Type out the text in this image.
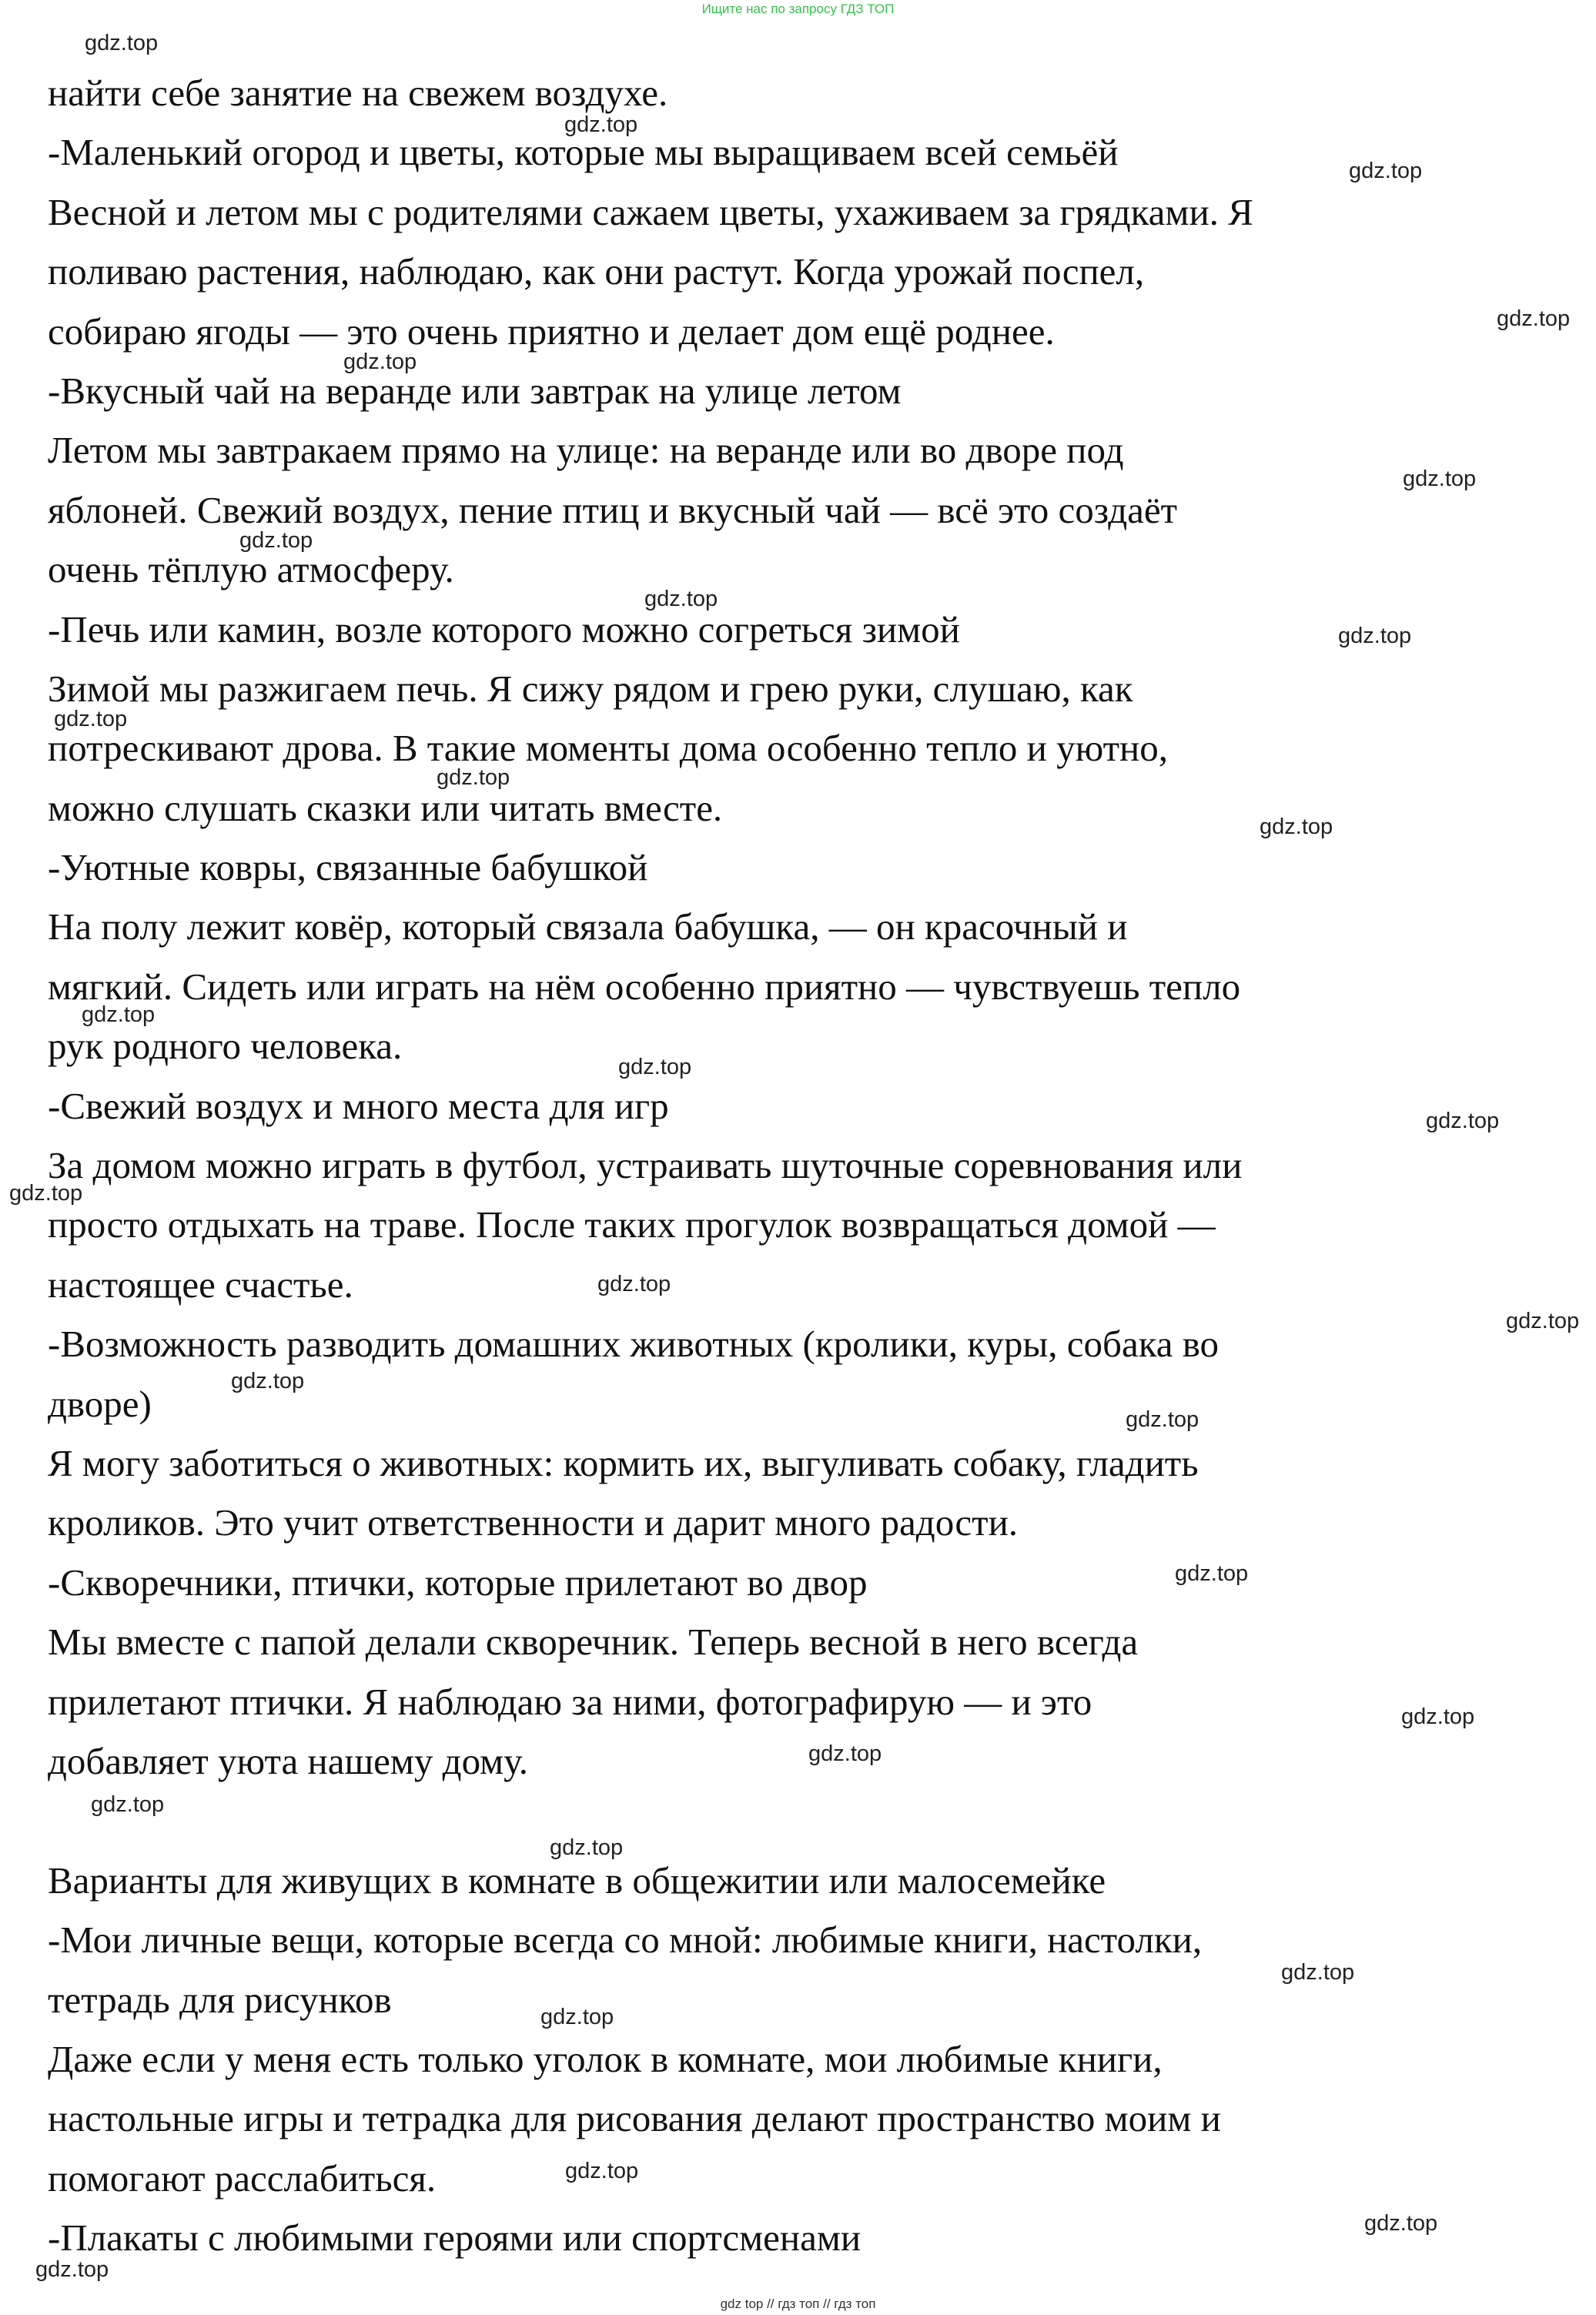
Ищите нас по запросу ГДЗ ТОП
найти себе занятие на свежем воздухе.
-Маленький огород и цветы, которые мы выращиваем всей семьёй
Весной и летом мы с родителями сажаем цветы, ухаживаем за грядками. Я
поливаю растения, наблюдаю, как они растут. Когда урожай поспел,
собираю ягоды — это очень приятно и делает дом ещё роднее.
-Вкусный чай на веранде или завтрак на улице летом
Летом мы завтракаем прямо на улице: на веранде или во дворе под
яблоней. Свежий воздух, пение птиц и вкусный чай — всё это создаёт
очень тёплую атмосферу.
-Печь или камин, возле которого можно согреться зимой
Зимой мы разжигаем печь. Я сижу рядом и грею руки, слушаю, как
потрескивают дрова. В такие моменты дома особенно тепло и уютно,
можно слушать сказки или читать вместе.
-Уютные ковры, связанные бабушкой
На полу лежит ковёр, который связала бабушка, — он красочный и
мягкий. Сидеть или играть на нём особенно приятно — чувствуешь тепло
рук родного человека.
-Свежий воздух и много места для игр
За домом можно играть в футбол, устраивать шуточные соревнования или
просто отдыхать на траве. После таких прогулок возвращаться домой —
настоящее счастье.
-Возможность разводить домашних животных (кролики, куры, собака во
дворе)
Я могу заботиться о животных: кормить их, выгуливать собаку, гладить
кроликов. Это учит ответственности и дарит много радости.
-Скворечники, птички, которые прилетают во двор
Мы вместе с папой делали скворечник. Теперь весной в него всегда
прилетают птички. Я наблюдаю за ними, фотографирую — и это
добавляет уюта нашему дому.
Варианты для живущих в комнате в общежитии или малосемейке
-Мои личные вещи, которые всегда со мной: любимые книги, настолки,
тетрадь для рисунков
Даже если у меня есть только уголок в комнате, мои любимые книги,
настольные игры и тетрадка для рисования делают пространство моим и
помогают расслабиться.
-Плакаты с любимыми героями или спортсменами
gdz.top
gdz.top
gdz.top
gdz.top
gdz.top
gdz.top
gdz.top
gdz.top
gdz.top
gdz.top
gdz.top
gdz.top
gdz.top
gdz.top
gdz.top
gdz.top
gdz.top
gdz.top
gdz.top
gdz.top
gdz.top
gdz.top
gdz.top
gdz.top
gdz.top
gdz.top
gdz.top
gdz.top
gdz.top
gdz.top
gdz top // гдз топ // гдз топ
